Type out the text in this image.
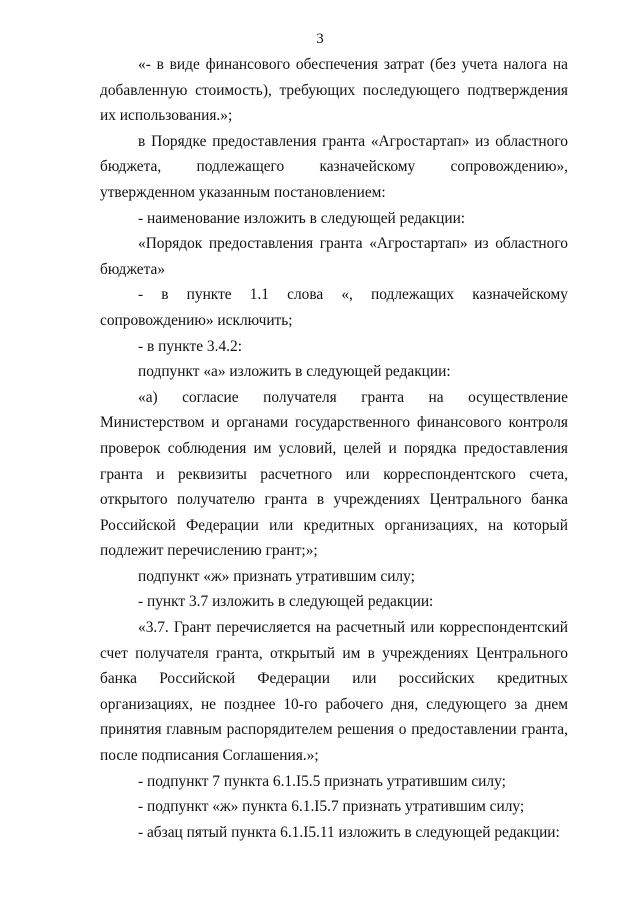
3

«- в виде финансового обеспечения затрат (без учета налога на добавленную стоимость), требующих последующего подтверждения их использования.»;

в Порядке предоставления гранта «Агростартап» из областного бюджета, подлежащего казначейскому сопровождению», утвержденном указанным постановлением:

- наименование изложить в следующей редакции:

«Порядок предоставления гранта «Агростартап» из областного бюджета»

- в пункте 1.1 слова «, подлежащих казначейскому сопровождению» исключить;

- в пункте 3.4.2:

подпункт «а» изложить в следующей редакции:

«а) согласие получателя гранта на осуществление Министерством и органами государственного финансового контроля проверок соблюдения им условий, целей и порядка предоставления гранта и реквизиты расчетного или корреспондентского счета, открытого получателю гранта в учреждениях Центрального банка Российской Федерации или кредитных организациях, на который подлежит перечислению грант;»;

подпункт «ж» признать утратившим силу;

- пункт 3.7 изложить в следующей редакции:

«3.7. Грант перечисляется на расчетный или корреспондентский счет получателя гранта, открытый им в учреждениях Центрального банка Российской Федерации или российских кредитных организациях, не позднее 10-го рабочего дня, следующего за днем принятия главным распорядителем решения о предоставлении гранта, после подписания Соглашения.»;

- подпункт 7 пункта 6.1.І5.5 признать утратившим силу;

- подпункт «ж» пункта 6.1.І5.7 признать утратившим силу;

- абзац пятый пункта 6.1.І5.11 изложить в следующей редакции:
